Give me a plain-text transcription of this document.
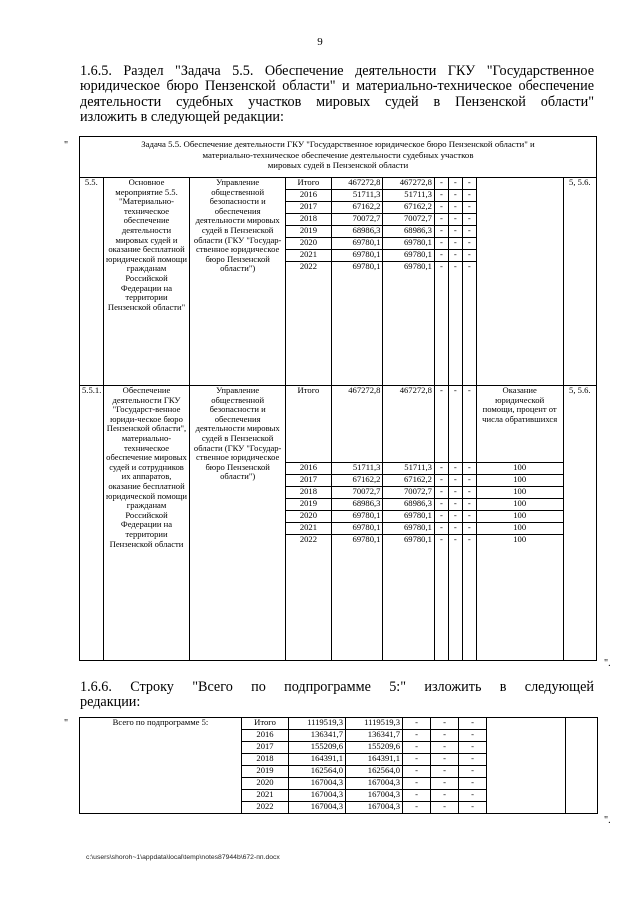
9
1.6.5. Раздел "Задача 5.5. Обеспечение деятельности ГКУ "Государственное
юридическое бюро Пензенской области" и материально-техническое обеспечение
деятельности судебных участков мировых судей в Пензенской области"
изложить в следующей редакции:
"	Задача 5.5. Обеспечение деятельности ГКУ "Государственное юридическое бюро Пензенской области" и
материально-техническое обеспечение деятельности судебных участков
мировых судей в Пензенской области										

5.5.	Основное мероприятие 5.5. "Материально-техническое обеспечение деятельности мировых судей и оказание бесплатной юридической помощи гражданам Российской Федерации на территории Пензенской области"	Управление общественной безопасности и обеспечения деятельности мировых судей в Пензенской области (ГКУ "Государ-ственное юридическое бюро Пензенской области")	Итого	467272,8	467272,8	-	-	-		5, 5.6.
			2016	51711,3	51711,3	-	-	-		
			2017	67162,2	67162,2	-	-	-		
			2018	70072,7	70072,7	-	-	-		
			2019	68986,3	68986,3	-	-	-		
			2020	69780,1	69780,1	-	-	-		
			2021	69780,1	69780,1	-	-	-		
			2022	69780,1	69780,1	-	-	-		
5.5.1.	Обеспечение деятельности ГКУ "Государст-венное юриди-ческое бюро Пензенской области", материально-техническое обеспечение мировых судей и сотрудников их аппаратов, оказание бесплатной юридической помощи гражданам Российской Федерации на территории Пензенской области	Управление общественной безопасности и обеспечения деятельности мировых судей в Пензенской области (ГКУ "Государ-ственное юридическое бюро Пензенской области")	Итого	467272,8	467272,8	-	-	-	Оказание юридической помощи, процент от числа обратившихся	5, 5.6.
			2016	51711,3	51711,3	-	-	-	100	
			2017	67162,2	67162,2	-	-	-	100	
			2018	70072,7	70072,7	-	-	-	100	
			2019	68986,3	68986,3	-	-	-	100	
			2020	69780,1	69780,1	-	-	-	100	
			2021	69780,1	69780,1	-	-	-	100	
			2022	69780,1	69780,1	-	-	-	100	
".
1.6.6. Строку "Всего по подпрограмме 5:" изложить в следующей
редакции:
"	Всего по подпрограмме 5:	Итого	1119519,3	1119519,3	-	-	-		
	2016	136341,7	136341,7	-	-	-		
	2017	155209,6	155209,6	-	-	-		
	2018	164391,1	164391,1	-	-	-		
	2019	162564,0	162564,0	-	-	-		
	2020	167004,3	167004,3	-	-	-		
	2021	167004,3	167004,3	-	-	-		
	2022	167004,3	167004,3	-	-	-		
".
c:\users\shoroh~1\appdata\local\temp\notes87944b\672-пп.docx
